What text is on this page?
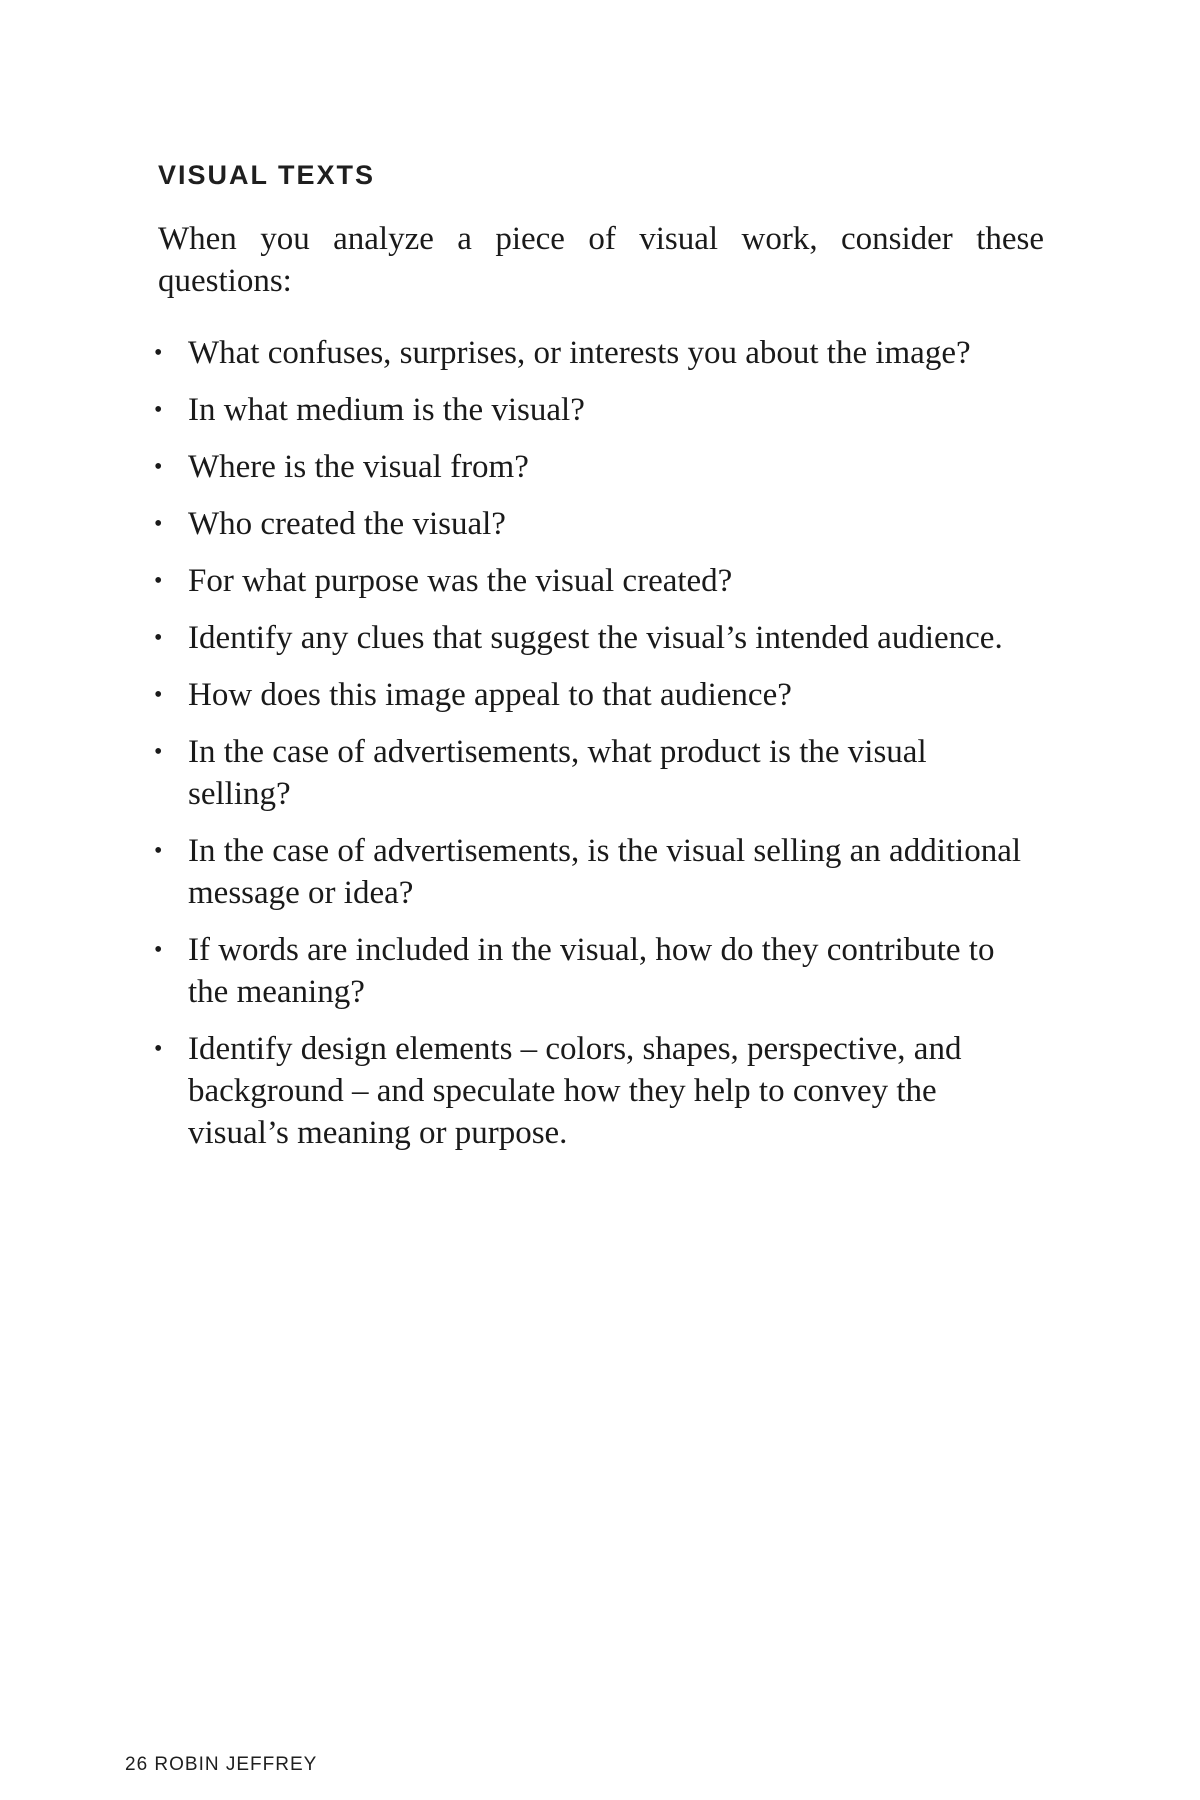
VISUAL TEXTS

When you analyze a piece of visual work, consider these questions:

• What confuses, surprises, or interests you about the image?
• In what medium is the visual?
• Where is the visual from?
• Who created the visual?
• For what purpose was the visual created?
• Identify any clues that suggest the visual’s intended audience.
• How does this image appeal to that audience?
• In the case of advertisements, what product is the visual selling?
• In the case of advertisements, is the visual selling an additional message or idea?
• If words are included in the visual, how do they contribute to the meaning?
• Identify design elements – colors, shapes, perspective, and background – and speculate how they help to convey the visual’s meaning or purpose.
26 ROBIN JEFFREY
